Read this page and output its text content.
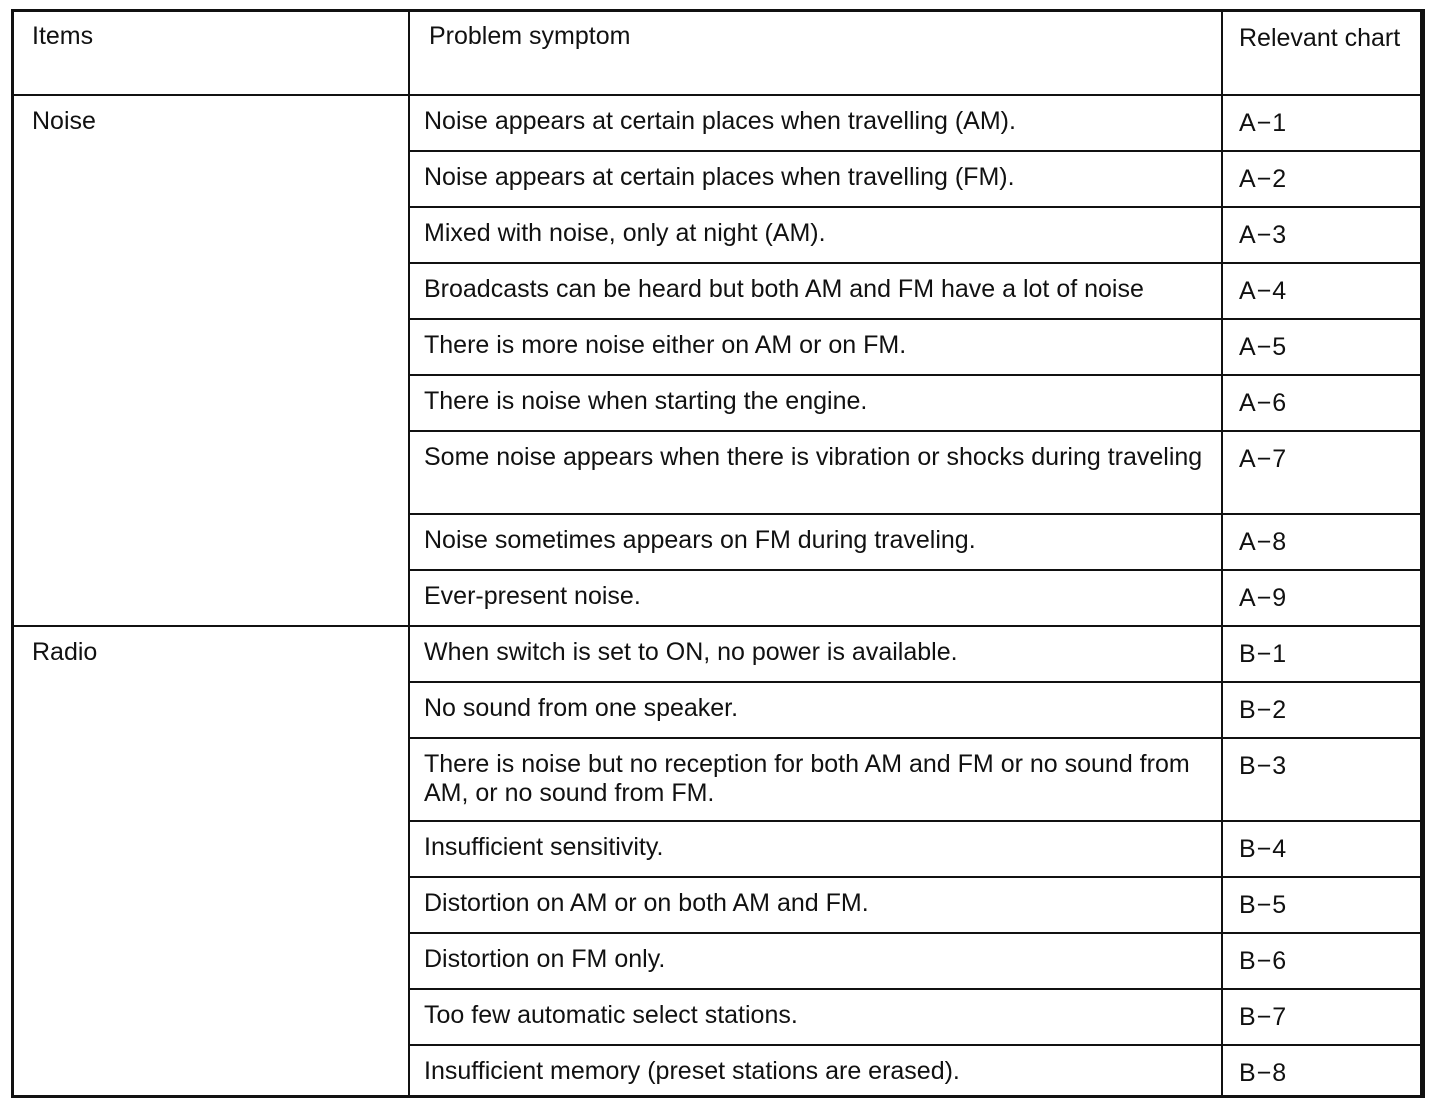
Items	Problem symptom	Relevant chart
Noise	Noise appears at certain places when travelling (AM).	A−1
	Noise appears at certain places when travelling (FM).	A−2
	Mixed with noise, only at night (AM).	A−3
	Broadcasts can be heard but both AM and FM have a lot of noise	A−4
	There is more noise either on AM or on FM.	A−5
	There is noise when starting the engine.	A−6
	Some noise appears when there is vibration or shocks during traveling	A−7
	Noise sometimes appears on FM during traveling.	A−8
	Ever-present noise.	A−9
Radio	When switch is set to ON, no power is available.	B−1
	No sound from one speaker.	B−2
	There is noise but no reception for both AM and FM or no sound from AM, or no sound from FM.	B−3
	Insufficient sensitivity.	B−4
	Distortion on AM or on both AM and FM.	B−5
	Distortion on FM only.	B−6
	Too few automatic select stations.	B−7
	Insufficient memory (preset stations are erased).	B−8
